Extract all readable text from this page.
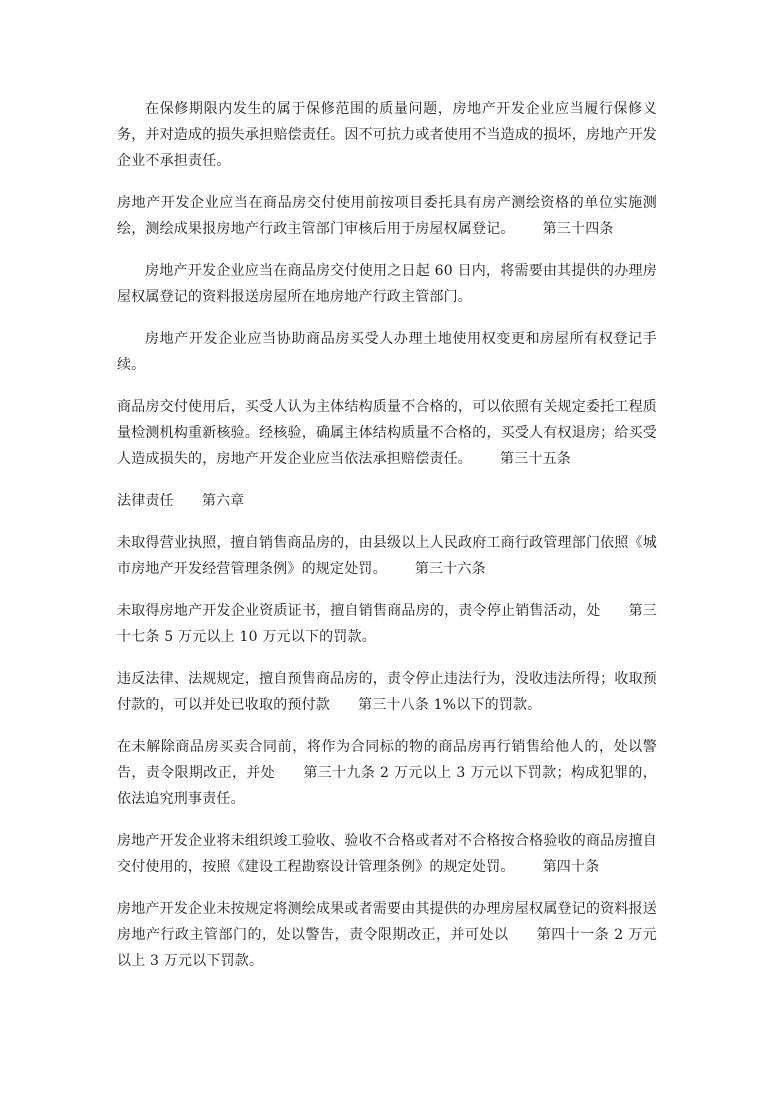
在保修期限内发生的属于保修范围的质量问题，房地产开发企业应当履行保修义务，并对造成的损失承担赔偿责任。因不可抗力或者使用不当造成的损坏，房地产开发企业不承担责任。

房地产开发企业应当在商品房交付使用前按项目委托具有房产测绘资格的单位实施测绘，测绘成果报房地产行政主管部门审核后用于房屋权属登记。 第三十四条

房地产开发企业应当在商品房交付使用之日起 60 日内，将需要由其提供的办理房屋权属登记的资料报送房屋所在地房地产行政主管部门。

房地产开发企业应当协助商品房买受人办理土地使用权变更和房屋所有权登记手续。

商品房交付使用后，买受人认为主体结构质量不合格的，可以依照有关规定委托工程质量检测机构重新核验。经核验，确属主体结构质量不合格的，买受人有权退房；给买受人造成损失的，房地产开发企业应当依法承担赔偿责任。 第三十五条

法律责任 第六章

未取得营业执照，擅自销售商品房的，由县级以上人民政府工商行政管理部门依照《城市房地产开发经营管理条例》的规定处罚。 第三十六条

未取得房地产开发企业资质证书，擅自销售商品房的，责令停止销售活动，处 第三十七条 5 万元以上 10 万元以下的罚款。

违反法律、法规规定，擅自预售商品房的，责令停止违法行为，没收违法所得；收取预付款的，可以并处已收取的预付款 第三十八条 1%以下的罚款。

在未解除商品房买卖合同前，将作为合同标的物的商品房再行销售给他人的，处以警告，责令限期改正，并处 第三十九条 2 万元以上 3 万元以下罚款；构成犯罪的，依法追究刑事责任。

房地产开发企业将未组织竣工验收、验收不合格或者对不合格按合格验收的商品房擅自交付使用的，按照《建设工程勘察设计管理条例》的规定处罚。 第四十条

房地产开发企业未按规定将测绘成果或者需要由其提供的办理房屋权属登记的资料报送房地产行政主管部门的，处以警告，责令限期改正，并可处以 第四十一条 2 万元以上 3 万元以下罚款。
